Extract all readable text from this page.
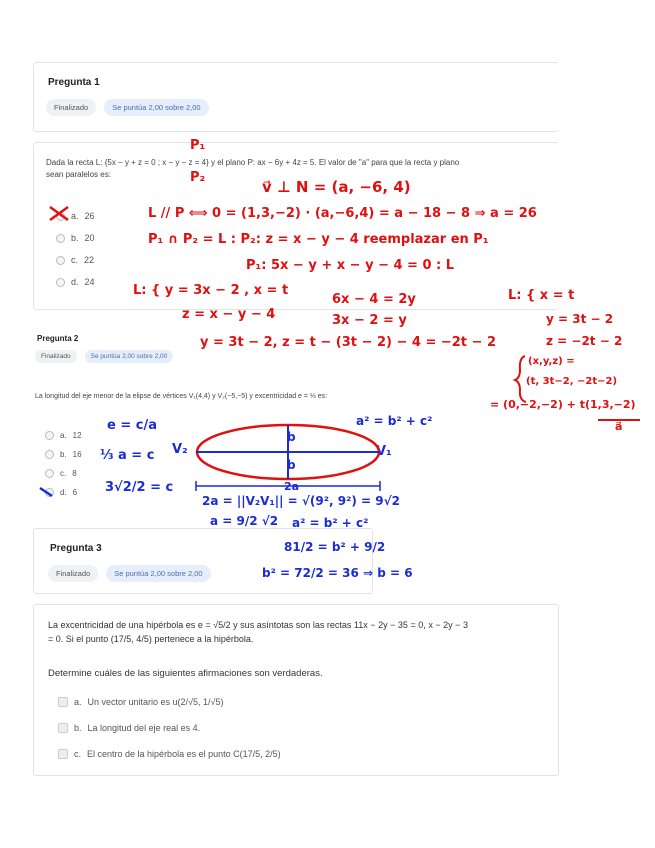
Pregunta 1
Finalizado	Se puntúa 2,00 sobre 2,00
Dada la recta L: {5x − y + z = 0 ; x − y − z = 4} y el plano P: ax − 6y + 4z = 5. El valor de "a" para que la recta y plano sean paralelos es:
a. 26
b. 20
c. 22
d. 24
Pregunta 2
Finalizado	Se puntúa 2,00 sobre 2,00
La longitud del eje menor de la elipse de vértices V₁(4,4) y V₂(−5,−5) y excentricidad e = ⅓ es:
a. 12
b. 16
c. 8
d. 6
Pregunta 3
Finalizado	Se puntúa 2,00 sobre 2,00
La excentricidad de una hipérbola es e = √5/2 y sus asíntotas son las rectas 11x − 2y − 35 = 0, x − 2y − 3 = 0. Si el punto (17/5, 4/5) pertenece a la hipérbola.
Determine cuáles de las siguientes afirmaciones son verdaderas.
a. Un vector unitario es u(2/√5, 1/√5)
b. La longitud del eje real es 4.
c. El centro de la hipérbola es el punto C(17/5, 2/5)
P₁
P₂
v⃗ ⊥ N = (a, −6, 4)
L // P ⟺ 0 = (1,3,−2) · (a,−6,4) = a − 18 − 8 ⇒ a = 26
P₁ ∩ P₂ = L : P₂: z = x − y − 4 reemplazar en P₁
P₁: 5x − y + x − y − 4 = 0 : L
L: { y = 3x − 2 , x = t
z = x − y − 4
6x − 4 = 2y
3x − 2 = y
y = 3t − 2, z = t − (3t − 2) − 4 = −2t − 2
L: { x = t
y = 3t − 2
z = −2t − 2
(x,y,z) =
(t, 3t−2, −2t−2)
= (0,−2,−2) + t(1,3,−2)
a⃗
a² = b² + c²
e = c/a
⅓ a = c
3√2/2 = c
V₂	V₁
b
b
2a
2a = ||V₂V₁|| = √(9², 9²) = 9√2
a = 9/2 √2 a² = b² + c²
81/2 = b² + 9/2
b² = 72/2 = 36 ⇒ b = 6
